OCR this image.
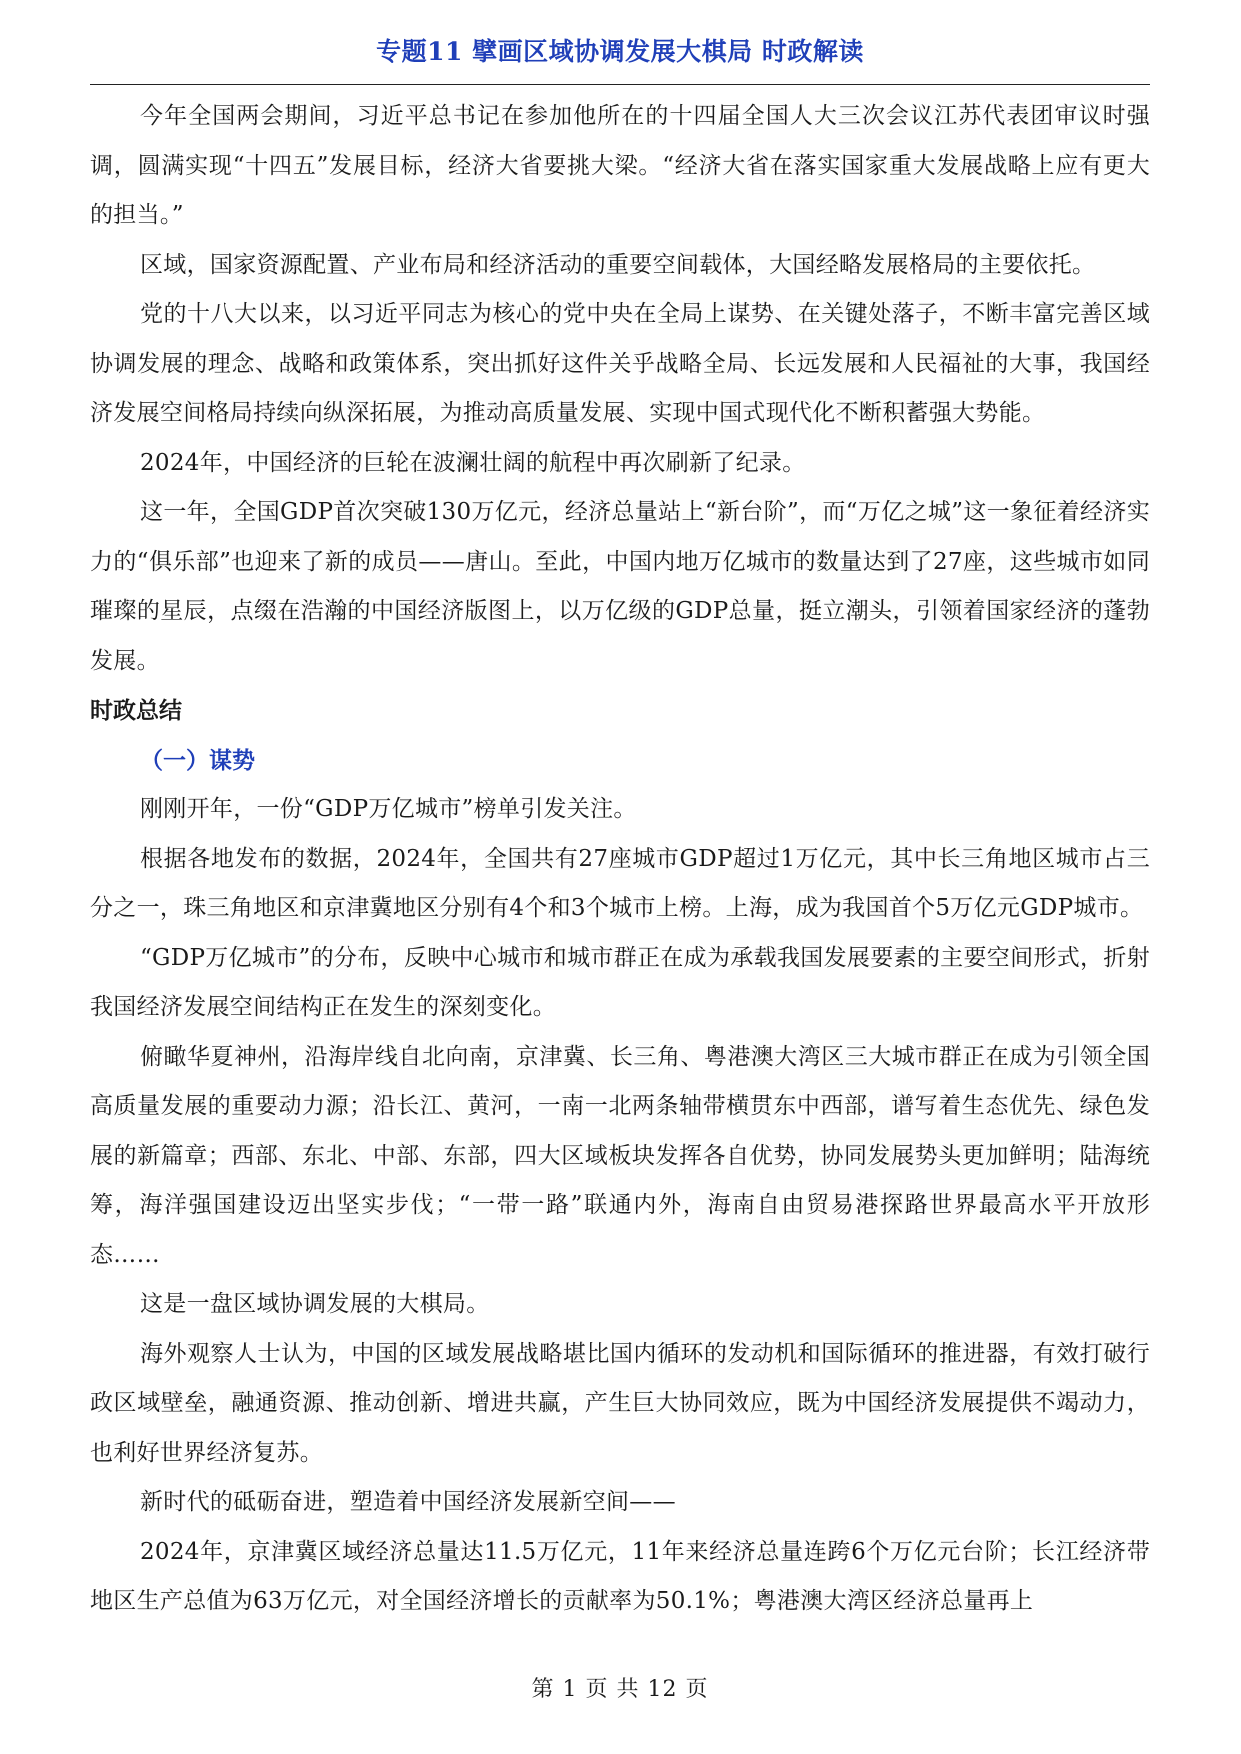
专题11 擘画区域协调发展大棋局 时政解读

今年全国两会期间，习近平总书记在参加他所在的十四届全国人大三次会议江苏代表团审议时强调，圆满实现“十四五”发展目标，经济大省要挑大梁。“经济大省在落实国家重大发展战略上应有更大的担当。”

区域，国家资源配置、产业布局和经济活动的重要空间载体，大国经略发展格局的主要依托。

党的十八大以来，以习近平同志为核心的党中央在全局上谋势、在关键处落子，不断丰富完善区域协调发展的理念、战略和政策体系，突出抓好这件关乎战略全局、长远发展和人民福祉的大事，我国经济发展空间格局持续向纵深拓展，为推动高质量发展、实现中国式现代化不断积蓄强大势能。

2024年，中国经济的巨轮在波澜壮阔的航程中再次刷新了纪录。

这一年，全国GDP首次突破130万亿元，经济总量站上“新台阶”，而“万亿之城”这一象征着经济实力的“俱乐部”也迎来了新的成员——唐山。至此，中国内地万亿城市的数量达到了27座，这些城市如同璀璨的星辰，点缀在浩瀚的中国经济版图上，以万亿级的GDP总量，挺立潮头，引领着国家经济的蓬勃发展。

时政总结

（一）谋势

刚刚开年，一份“GDP万亿城市”榜单引发关注。

根据各地发布的数据，2024年，全国共有27座城市GDP超过1万亿元，其中长三角地区城市占三分之一，珠三角地区和京津冀地区分别有4个和3个城市上榜。上海，成为我国首个5万亿元GDP城市。

“GDP万亿城市”的分布，反映中心城市和城市群正在成为承载我国发展要素的主要空间形式，折射我国经济发展空间结构正在发生的深刻变化。

俯瞰华夏神州，沿海岸线自北向南，京津冀、长三角、粤港澳大湾区三大城市群正在成为引领全国高质量发展的重要动力源；沿长江、黄河，一南一北两条轴带横贯东中西部，谱写着生态优先、绿色发展的新篇章；西部、东北、中部、东部，四大区域板块发挥各自优势，协同发展势头更加鲜明；陆海统筹，海洋强国建设迈出坚实步伐；“一带一路”联通内外，海南自由贸易港探路世界最高水平开放形态……

这是一盘区域协调发展的大棋局。

海外观察人士认为，中国的区域发展战略堪比国内循环的发动机和国际循环的推进器，有效打破行政区域壁垒，融通资源、推动创新、增进共赢，产生巨大协同效应，既为中国经济发展提供不竭动力，也利好世界经济复苏。

新时代的砥砺奋进，塑造着中国经济发展新空间——

2024年，京津冀区域经济总量达11.5万亿元，11年来经济总量连跨6个万亿元台阶；长江经济带地区生产总值为63万亿元，对全国经济增长的贡献率为50.1%；粤港澳大湾区经济总量再上

第 1 页 共 12 页
